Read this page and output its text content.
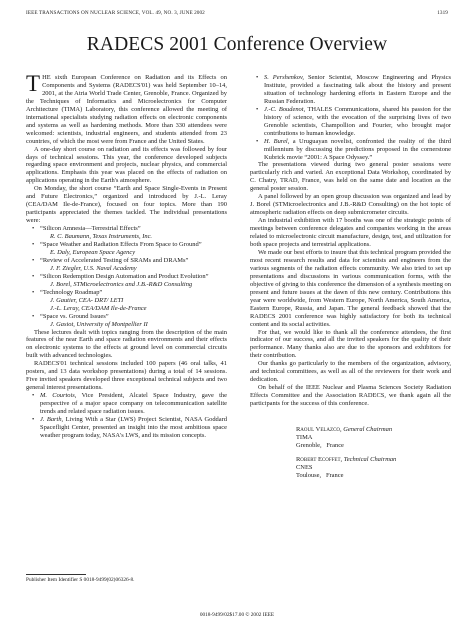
IEEE TRANSACTIONS ON NUCLEAR SCIENCE, VOL. 49, NO. 3, JUNE 2002	1319
RADECS 2001 Conference Overview

THE sixth European Conference on Radiation and its Effects on Components and Systems (RADECS'01) was held September 10–14, 2001, at the Atria World Trade Center, Grenoble, France. Organized by the Techniques of Informatics and Microelectronics for Computer Architecture (TIMA) Laboratory, this conference allowed the meeting of international specialists studying radiation effects on electronic components and systems as well as hardening methods. More than 330 attendees were welcomed: scientists, industrial engineers, and students attended from 23 countries, of which the most were from France and the United States.

A one-day short course on radiation and its effects was followed by four days of technical sessions. This year, the conference developed subjects regarding space environment and projects, nuclear physics, and commercial applications. Emphasis this year was placed on the effects of radiation on applications operating in the Earth's atmosphere.

On Monday, the short course “Earth and Space Single-Events in Present and Future Electronics,” organized and introduced by J.-L. Leray (CEA/DAM Ile-de-France), focused on four topics. More than 190 participants appreciated the themes tackled. The individual presentations were:

• “Silicon Amnesia—Terrestrial Effects”
R. C. Baumann, Texas Instruments, Inc.
• “Space Weather and Radiation Effects From Space to Ground”
E. Daly, European Space Agency
• “Review of Accelerated Testing of SRAMs and DRAMs”
J. F. Ziegler, U.S. Naval Academy
• “Silicon Redemption Design Automation and Product Evolution”
J. Borel, STMicroelectronics and J.B.-R&D Consulting
• “Technology Roadmap”
J. Gautier, CEA- DRT/ LETI
J.-L. Leray, CEA/DAM Ile-de-France
• “Space vs. Ground Issues”
J. Gasiot, University of Montpellier II

These lectures dealt with topics ranging from the description of the main features of the near Earth and space radiation environments and their effects on electronic systems to the effects at ground level on commercial circuits built with advanced technologies.

RADECS'01 technical sessions included 100 papers (46 oral talks, 41 posters, and 13 data workshop presentations) during a total of 14 sessions. Five invited speakers developed three exceptional technical subjects and two general interest presentations.

• M. Courtois, Vice President, Alcatel Space Industry, gave the perspective of a major space company on telecommunication satellite trends and related space radiation issues.
• J. Barth, Living With a Star (LWS) Project Scientist, NASA Goddard Spaceflight Center, presented an insight into the most ambitious space weather program today, NASA's LWS, and its mission concepts.
• S. Pershenkov, Senior Scientist, Moscow Engineering and Physics Institute, provided a fascinating talk about the history and present situation of technology hardening efforts in Eastern Europe and the Russian Federation.
• J.-C. Boudenot, THALES Communications, shared his passion for the history of science, with the evocation of the surprising lives of two Grenoble scientists, Champollion and Fourier, who brought major contributions to human knowledge.
• H. Burel, a Uruguayan novelist, confronted the reality of the third millennium by discussing the predictions proposed in the cornerstone Kubrick movie “2001: A Space Odyssey.”

The presentations viewed during two general poster sessions were particularly rich and varied. An exceptional Data Workshop, coordinated by C. Chatry, TRAD, France, was held on the same date and location as the general poster session.

A panel followed by an open group discussion was organized and lead by J. Borel (STMicroelectronics and J.B.-R&D Consulting) on the hot topic of atmospheric radiation effects on deep submicrometer circuits.

An industrial exhibition with 17 booths was one of the strategic points of meetings between conference delegates and companies working in the areas related to microelectronic circuit manufacture, design, test, and utilization for both space projects and terrestrial applications.

We made our best efforts to insure that this technical program provided the most recent research results and data for scientists and engineers from the various segments of the radiation effects community. We also tried to set up presentations and discussions in various communication forms, with the objective of giving to this conference the dimension of a synthesis meeting on present and future issues at the dawn of this new century. Contributions this year were worldwide, from Western Europe, North America, South America, Eastern Europe, Russia, and Japan. The general feedback showed that the RADECS 2001 conference was highly satisfactory for both its technical content and its social activities.

For that, we would like to thank all the conference attendees, the first indicator of our success, and all the invited speakers for the quality of their performance. Many thanks also are due to the sponsors and exhibitors for their contribution.

Our thanks go particularly to the members of the organization, advisory, and technical committees, as well as all of the reviewers for their work and dedication.

On behalf of the IEEE Nuclear and Plasma Sciences Society Radiation Effects Committee and the Association RADECS, we thank again all the participants for the success of this conference.

Raoul Velazco, General Chairman
TIMA
Grenoble,   France
Robert Ecoffet, Technical Chairman
CNES
Toulouse,   France
Publisher Item Identifier S 0018-9499(02)06326-8.
0018-9499/02$17.00 © 2002 IEEE
